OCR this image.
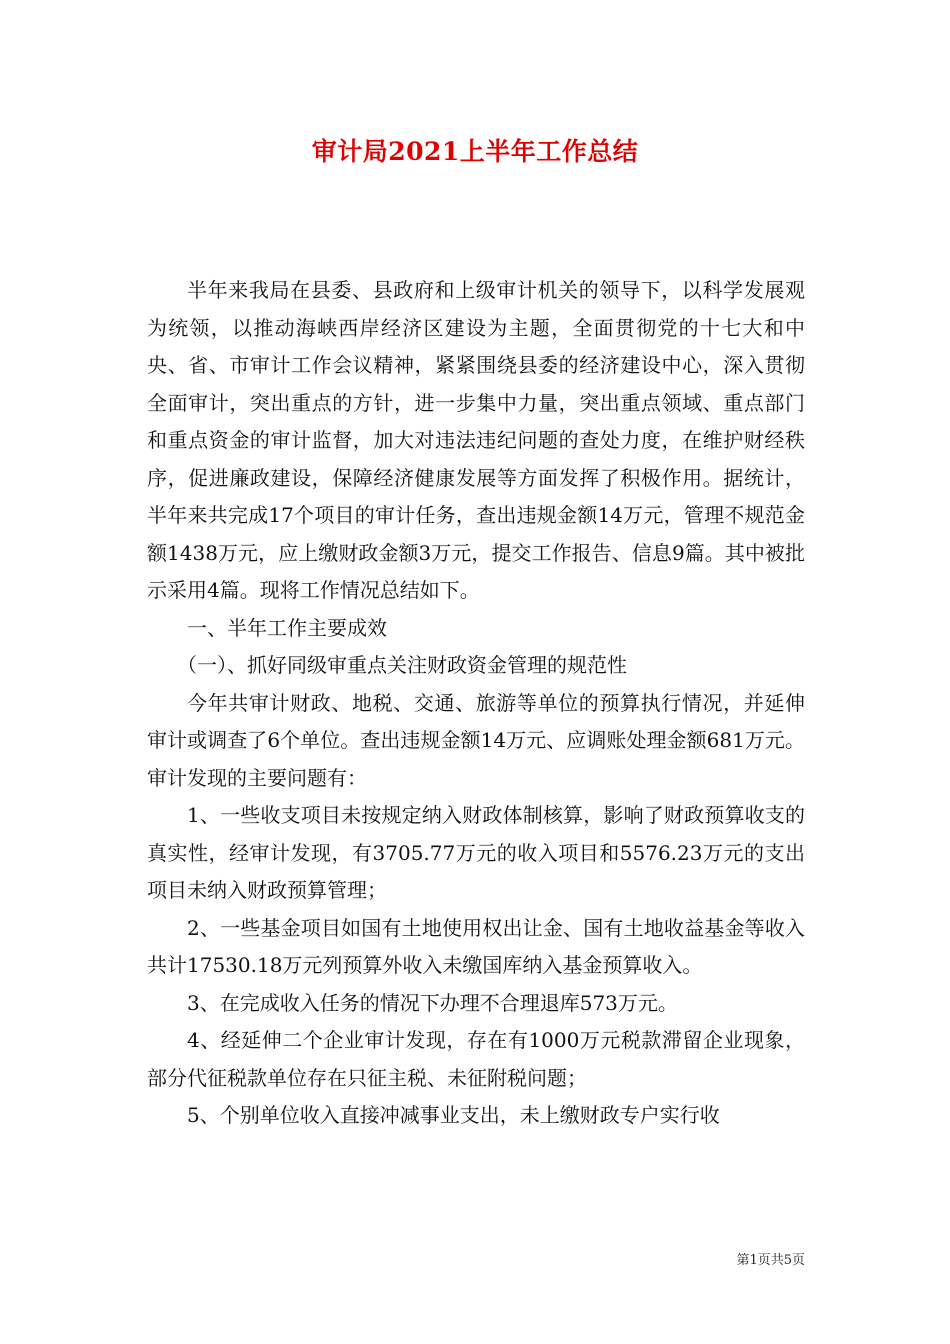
审计局2021上半年工作总结

半年来我局在县委、县政府和上级审计机关的领导下，以科学发展观为统领，以推动海峡西岸经济区建设为主题，全面贯彻党的十七大和中央、省、市审计工作会议精神，紧紧围绕县委的经济建设中心，深入贯彻全面审计，突出重点的方针，进一步集中力量，突出重点领域、重点部门和重点资金的审计监督，加大对违法违纪问题的查处力度，在维护财经秩序，促进廉政建设，保障经济健康发展等方面发挥了积极作用。据统计，半年来共完成17个项目的审计任务，查出违规金额14万元，管理不规范金额1438万元，应上缴财政金额3万元，提交工作报告、信息9篇。其中被批示采用4篇。现将工作情况总结如下。

一、半年工作主要成效

（一）、抓好同级审重点关注财政资金管理的规范性

今年共审计财政、地税、交通、旅游等单位的预算执行情况，并延伸审计或调查了6个单位。查出违规金额14万元、应调账处理金额681万元。审计发现的主要问题有：

1、一些收支项目未按规定纳入财政体制核算，影响了财政预算收支的真实性，经审计发现，有3705.77万元的收入项目和5576.23万元的支出项目未纳入财政预算管理；

2、一些基金项目如国有土地使用权出让金、国有土地收益基金等收入共计17530.18万元列预算外收入未缴国库纳入基金预算收入。

3、在完成收入任务的情况下办理不合理退库573万元。

4、经延伸二个企业审计发现，存在有1000万元税款滞留企业现象，部分代征税款单位存在只征主税、未征附税问题；

5、个别单位收入直接冲减事业支出，未上缴财政专户实行收

第1页共5页
